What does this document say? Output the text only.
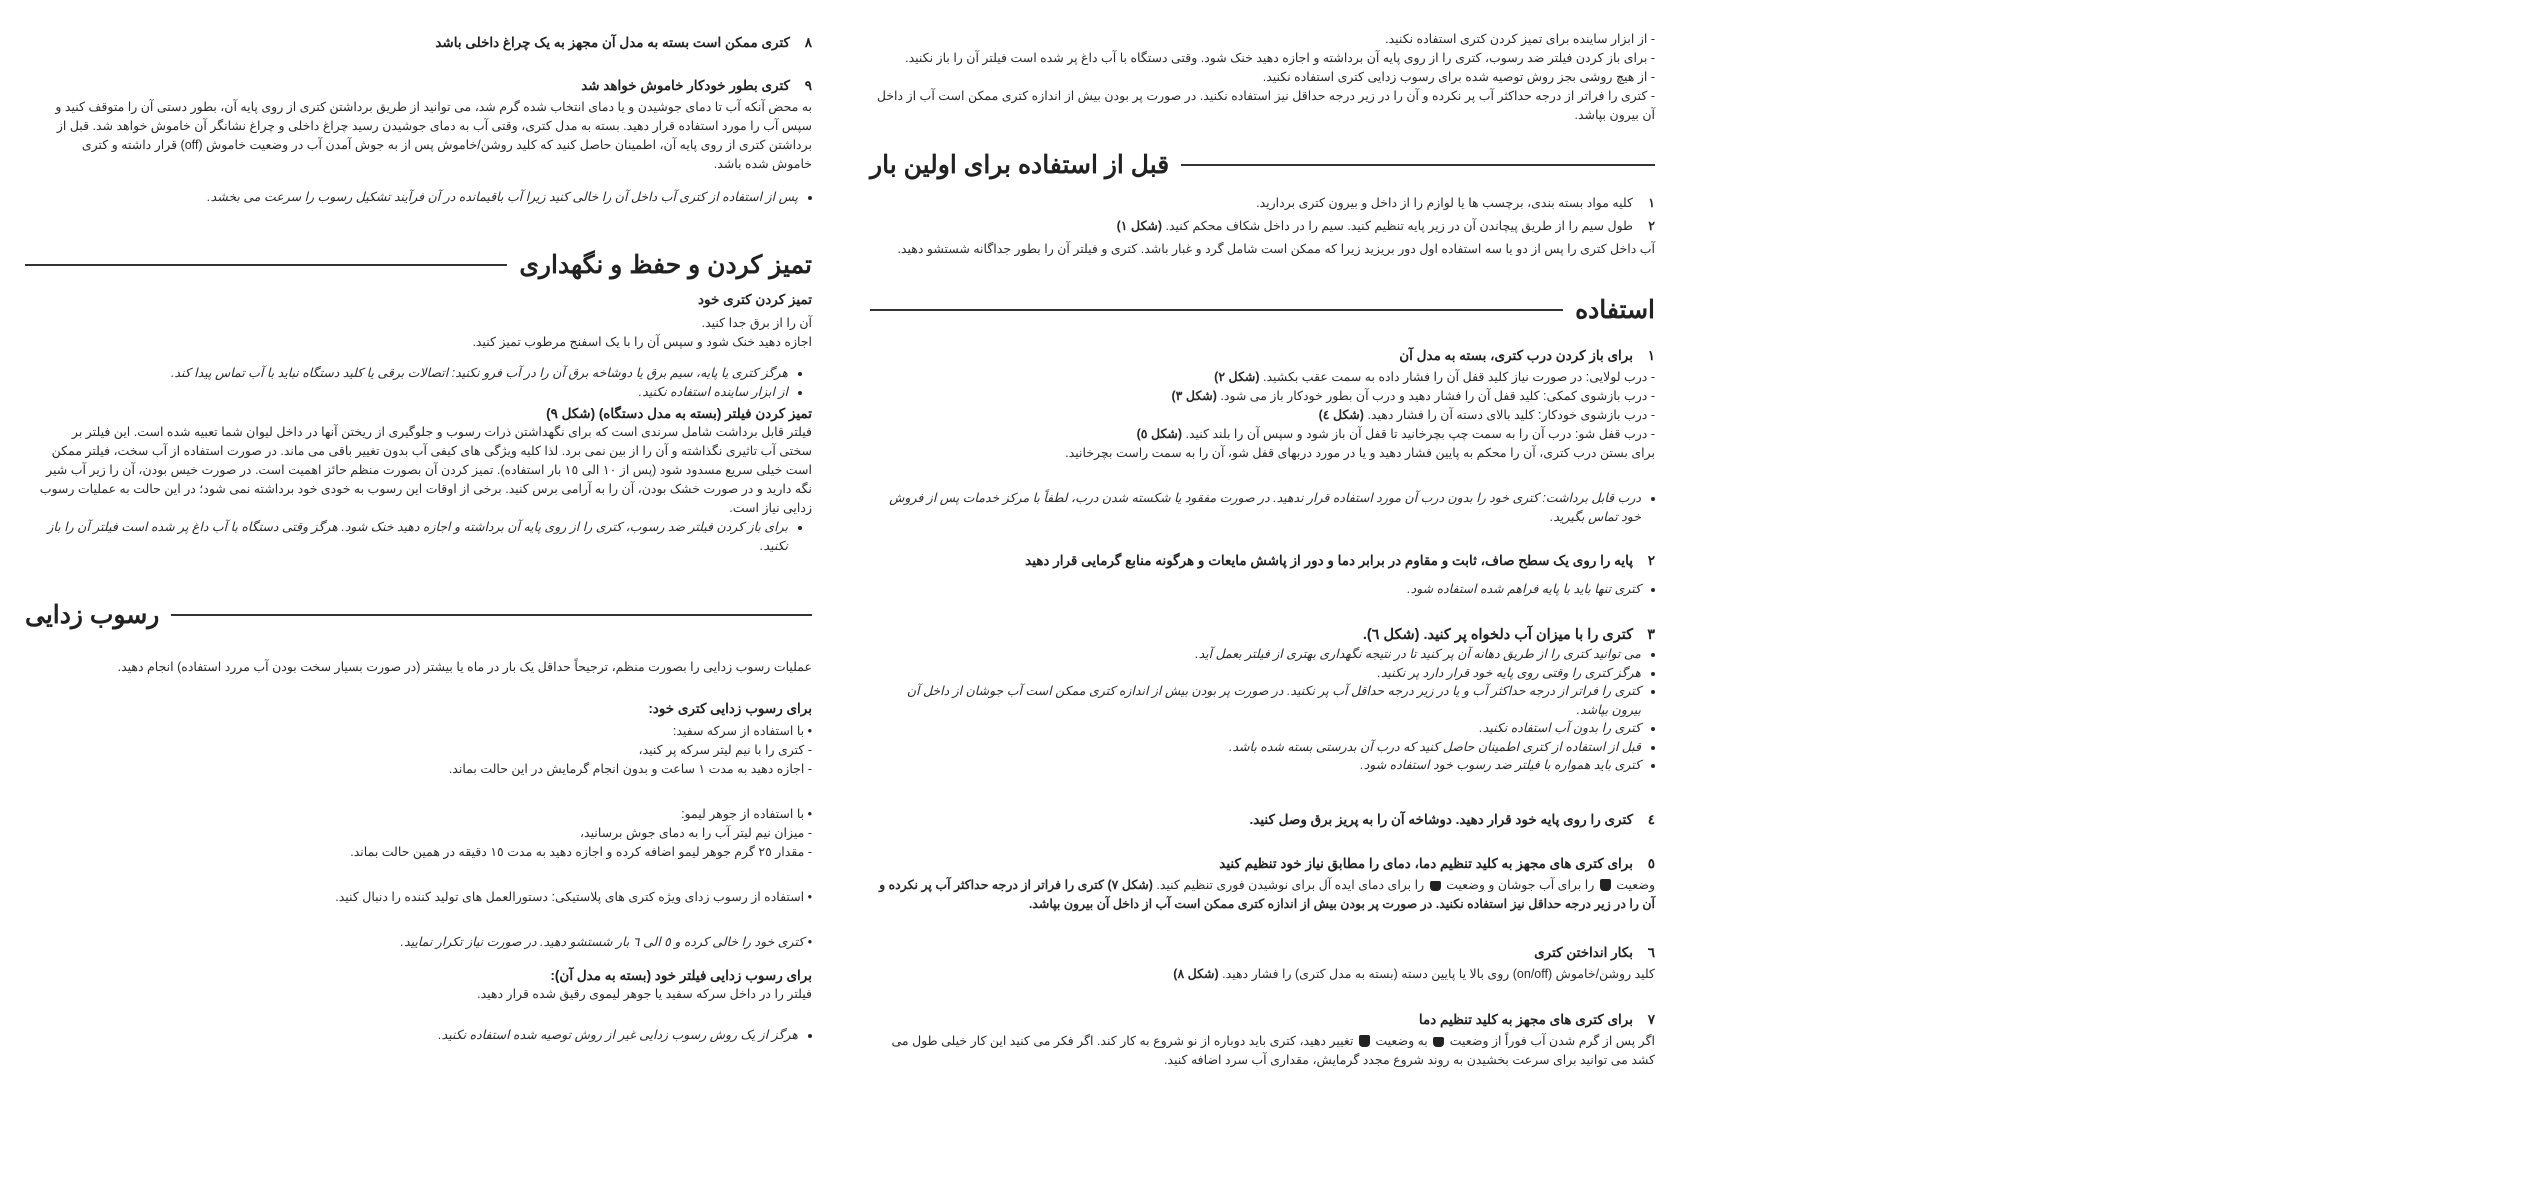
- از ابزار ساینده برای تمیز کردن کتری استفاده نکنید.
- برای باز کردن فیلتر ضد رسوب، کتری را از روی پایه آن برداشته و اجازه دهید خنک شود. وقتی دستگاه با آب داغ پر شده است فیلتر آن را باز نکنید.
- از هیچ روشی بجز روش توصیه شده برای رسوب زدایی کتری استفاده نکنید.
- کتری را فراتر از درجه حداکثر آب پر نکرده و آن را در زیر درجه حداقل نیز استفاده نکنید. در صورت پر بودن بیش از اندازه کتری ممکن است آب از داخل آن بیرون بپاشد.
قبل از استفاده برای اولین بار
۱کلیه مواد بسته بندی، برچسب ها یا لوازم را از داخل و بیرون کتری بردارید.
۲طول سیم را از طریق پیچاندن آن در زیر پایه تنظیم کنید. سیم را در داخل شکاف محکم کنید. (شکل ۱)
آب داخل کتری را پس از دو یا سه استفاده اول دور بریزید زیرا که ممکن است شامل گرد و غبار باشد. کتری و فیلتر آن را بطور جداگانه شستشو دهید.
استفاده
۱برای باز کردن درب کتری، بسته به مدل آن
- درب لولایی: در صورت نیاز کلید قفل آن را فشار داده به سمت عقب بکشید. (شکل ۲)
- درب بازشوی کمکی: کلید قفل آن را فشار دهید و درب آن بطور خودکار باز می شود. (شکل ۳)
- درب بازشوی خودکار: کلید بالای دسته آن را فشار دهید. (شکل ٤)
- درب قفل شو: درب آن را به سمت چپ بچرخانید تا قفل آن باز شود و سپس آن را بلند کنید. (شکل ٥)
برای بستن درب کتری، آن را محکم به پایین فشار دهید و یا در مورد دربهای قفل شو، آن را به سمت راست بچرخانید.
• درب قابل برداشت: کتری خود را بدون درب آن مورد استفاده قرار ندهید. در صورت مفقود یا شکسته شدن درب، لطفاً با مرکز خدمات پس از فروش خود تماس بگیرید.
۲پایه را روی یک سطح صاف، ثابت و مقاوم در برابر دما و دور از پاشش مایعات و هرگونه منابع گرمایی قرار دهید
• کتری تنها باید با پایه فراهم شده استفاده شود.
۳کتری را با میزان آب دلخواه پر کنید. (شکل ٦).
• می توانید کتری را از طریق دهانه آن پر کنید تا در نتیجه نگهداری بهتری از فیلتر بعمل آید.
• هرگز کتری را وقتی روی پایه خود قرار دارد پر نکنید.
• کتری را فراتر از درجه حداکثر آب و یا در زیر درجه حداقل آب پر نکنید. در صورت پر بودن بیش از اندازه کتری ممکن است آب جوشان از داخل آن بیرون بپاشد.
• کتری را بدون آب استفاده نکنید.
• قبل از استفاده از کتری اطمینان حاصل کنید که درب آن بدرستی بسته شده باشد.
• کتری باید همواره با فیلتر ضد رسوب خود استفاده شود.
٤کتری را روی پایه خود قرار دهید. دوشاخه آن را به پریز برق وصل کنید.
٥برای کتری های مجهز به کلید تنظیم دما، دمای را مطابق نیاز خود تنظیم کنید
وضعیت  را برای آب جوشان و وضعیت  را برای دمای ایده آل برای نوشیدن فوری تنظیم کنید. (شکل ۷) کتری را فراتر از درجه حداکثر آب پر نکرده و آن را در زیر درجه حداقل نیز استفاده نکنید. در صورت پر بودن بیش از اندازه کتری ممکن است آب از داخل آن بیرون بپاشد.
٦بکار انداختن کتری
کلید روشن/خاموش (on/off) روی بالا یا پایین دسته (بسته به مدل کتری) را فشار دهید. (شکل ۸)
۷برای کتری های مجهز به کلید تنظیم دما
اگر پس از گرم شدن آب فوراً از وضعیت  به وضعیت  تغییر دهید، کتری باید دوباره از نو شروع به کار کند. اگر فکر می کنید این کار خیلی طول می کشد می توانید برای سرعت بخشیدن به روند شروع مجدد گرمایش، مقداری آب سرد اضافه کنید.
۸کتری ممکن است بسته به مدل آن مجهز به یک چراغ داخلی باشد
۹کتری بطور خودکار خاموش خواهد شد
به محض آنکه آب تا دمای جوشیدن و یا دمای انتخاب شده گرم شد، می توانید از طریق برداشتن کتری از روی پایه آن، بطور دستی آن را متوقف کنید و سپس آب را مورد استفاده قرار دهید. بسته به مدل کتری، وقتی آب به دمای جوشیدن رسید چراغ داخلی و چراغ نشانگر آن خاموش خواهد شد. قبل از برداشتن کتری از روی پایه آن، اطمینان حاصل کنید که کلید روشن/خاموش پس از به جوش آمدن آب در وضعیت خاموش (off) قرار داشته و کتری خاموش شده باشد.
• پس از استفاده از کتری آب داخل آن را خالی کنید زیرا آب باقیمانده در آن فرآیند تشکیل رسوب را سرعت می بخشد.
تمیز کردن و حفظ و نگهداری
تمیز کردن کتری خود
آن را از برق جدا کنید.
اجازه دهید خنک شود و سپس آن را با یک اسفنج مرطوب تمیز کنید.
• هرگز کتری یا پایه، سیم برق یا دوشاخه برق آن را در آب فرو نکنید: اتصالات برقی یا کلید دستگاه نباید با آب تماس پیدا کند.
• از ابزار ساینده استفاده نکنید.
تمیز کردن فیلتر (بسته به مدل دستگاه) (شکل ۹)
فیلتر قابل برداشت شامل سرندی است که برای نگهداشتن ذرات رسوب و جلوگیری از ریختن آنها در داخل لیوان شما تعبیه شده است. این فیلتر بر سختی آب تاثیری نگذاشته و آن را از بین نمی برد. لذا کلیه ویژگی های کیفی آب بدون تغییر باقی می ماند. در صورت استفاده از آب سخت، فیلتر ممکن است خیلی سریع مسدود شود (پس از ۱۰ الی ۱٥ بار استفاده). تمیز کردن آن بصورت منظم حائز اهمیت است. در صورت خیس بودن، آن را زیر آب شیر نگه دارید و در صورت خشک بودن، آن را به آرامی برس کنید. برخی از اوقات این رسوب به خودی خود برداشته نمی شود؛ در این حالت به عملیات رسوب زدایی نیاز است.
• برای باز کردن فیلتر ضد رسوب، کتری را از روی پایه آن برداشته و اجازه دهید خنک شود. هرگز وقتی دستگاه با آب داغ پر شده است فیلتر آن را باز نکنید.
رسوب زدایی
عملیات رسوب زدایی را بصورت منظم، ترجیحاً حداقل یک بار در ماه یا بیشتر (در صورت بسیار سخت بودن آب مررد استفاده) انجام دهید.
برای رسوب زدایی کتری خود:
• با استفاده از سرکه سفید:
- کتری را با نیم لیتر سرکه پر کنید،
- اجازه دهید به مدت ۱ ساعت و بدون انجام گرمایش در این حالت بماند.
• با استفاده از جوهر لیمو:
- میزان نیم لیتر آب را به دمای جوش برسانید،
- مقدار ۲٥ گرم جوهر لیمو اضافه کرده و اجازه دهید به مدت ۱٥ دقیقه در همین حالت بماند.
• استفاده از رسوب زدای ویژه کتری های پلاستیکی: دستورالعمل های تولید کننده را دنبال کنید.
• کتری خود را خالی کرده و ٥ الی ٦ بار شستشو دهید. در صورت نیاز تکرار نمایید.
برای رسوب زدایی فیلتر خود (بسته به مدل آن):
فیلتر را در داخل سرکه سفید یا جوهر لیموی رقیق شده قرار دهید.
• هرگز از یک روش رسوب زدایی غیر از روش توصیه شده استفاده نکنید.
